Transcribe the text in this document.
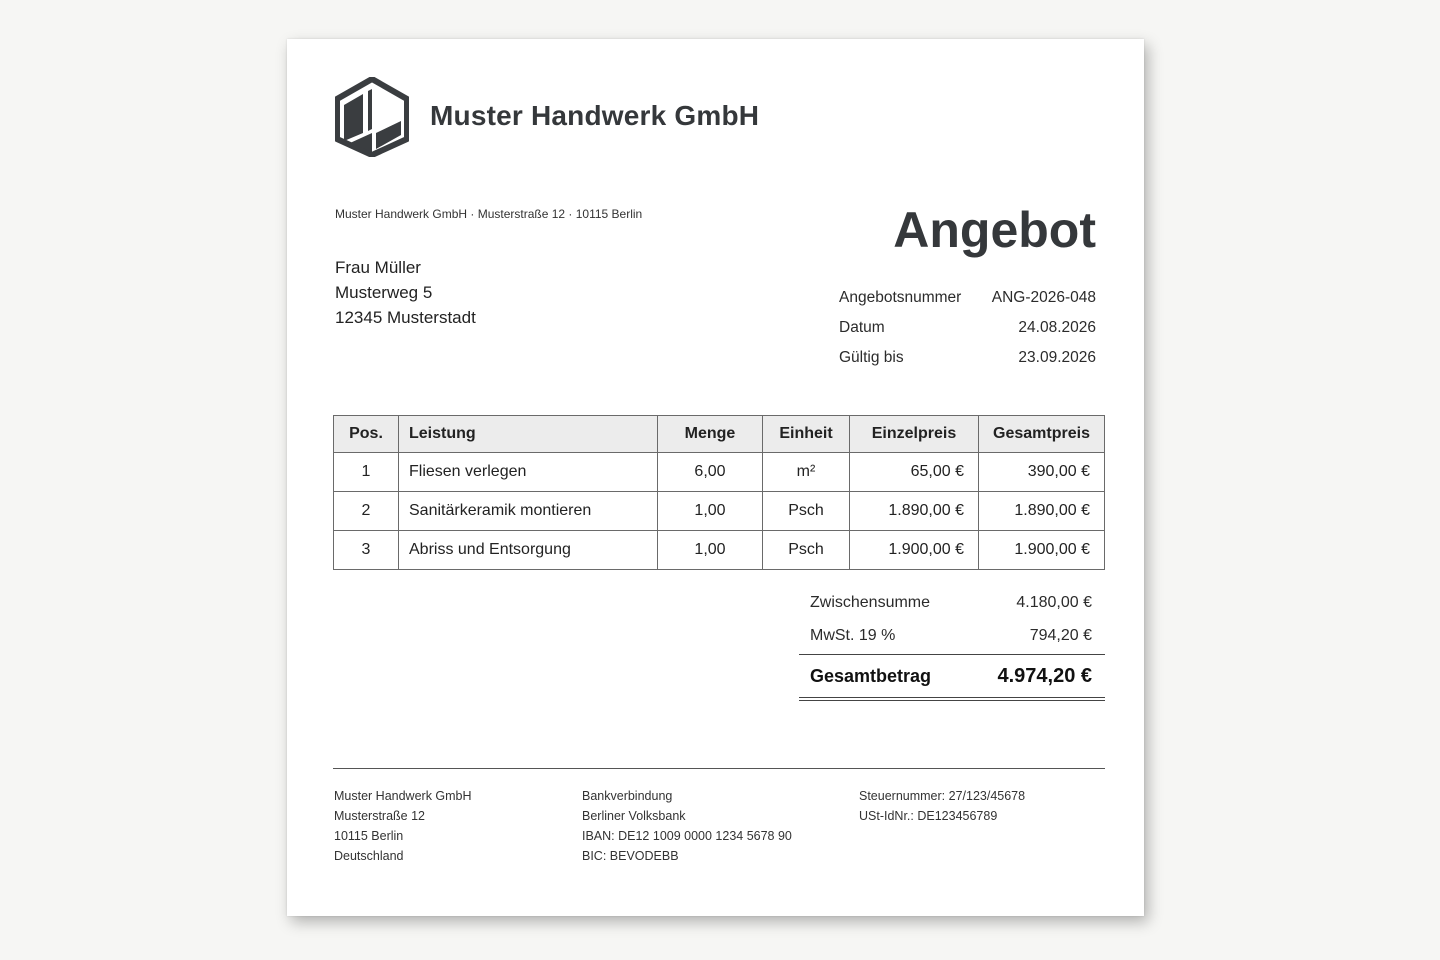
Muster Handwerk GmbH
Muster Handwerk GmbH · Musterstraße 12 · 10115 Berlin
Frau Müller
Musterweg 5
12345 Musterstadt
Angebot
Angebotsnummer ANG-2026-048
Datum	24.08.2026
Gültig bis	23.09.2026
Pos.	Leistung	Menge	Einheit	Einzelpreis	Gesamtpreis
1	Fliesen verlegen	6,00	m²	65,00 €	390,00 €
2	Sanitärkeramik montieren	1,00	Psch	1.890,00 €	1.890,00 €
3	Abriss und Entsorgung	1,00	Psch	1.900,00 €	1.900,00 €
Zwischensumme	4.180,00 €
MwSt. 19 %	794,20 €
Gesamtbetrag	4.974,20 €
Muster Handwerk GmbH
Musterstraße 12
10115 Berlin
Deutschland
Bankverbindung
Berliner Volksbank
IBAN: DE12 1009 0000 1234 5678 90
BIC: BEVODEBB
Steuernummer: 27/123/45678
USt-IdNr.: DE123456789
